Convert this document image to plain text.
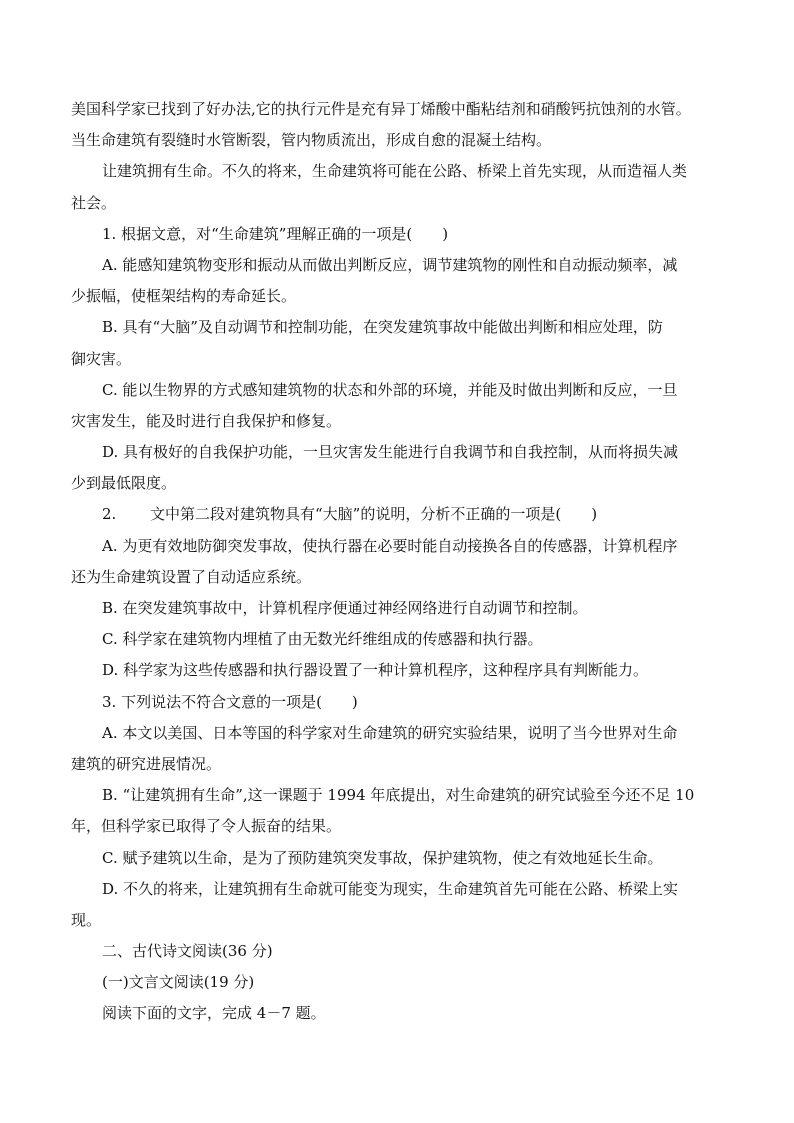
美国科学家已找到了好办法,它的执行元件是充有异丁烯酸中酯粘结剂和硝酸钙抗蚀剂的水管。
当生命建筑有裂缝时水管断裂，管内物质流出，形成自愈的混凝土结构。
让建筑拥有生命。不久的将来，生命建筑将可能在公路、桥梁上首先实现，从而造福人类
社会。
1. 根据文意，对“生命建筑”理解正确的一项是(　　)
A. 能感知建筑物变形和振动从而做出判断反应，调节建筑物的刚性和自动振动频率，减
少振幅，使框架结构的寿命延长。
B. 具有“大脑”及自动调节和控制功能，在突发建筑事故中能做出判断和相应处理，防
御灾害。
C. 能以生物界的方式感知建筑物的状态和外部的环境，并能及时做出判断和反应，一旦
灾害发生，能及时进行自我保护和修复。
D. 具有极好的自我保护功能，一旦灾害发生能进行自我调节和自我控制，从而将损失减
少到最低限度。
2. 文中第二段对建筑物具有“大脑”的说明，分析不正确的一项是(　　)
A. 为更有效地防御突发事故，使执行器在必要时能自动接换各自的传感器，计算机程序
还为生命建筑设置了自动适应系统。
B. 在突发建筑事故中，计算机程序便通过神经网络进行自动调节和控制。
C. 科学家在建筑物内埋植了由无数光纤维组成的传感器和执行器。
D. 科学家为这些传感器和执行器设置了一种计算机程序，这种程序具有判断能力。
3. 下列说法不符合文意的一项是(　　)
A. 本文以美国、日本等国的科学家对生命建筑的研究实验结果，说明了当今世界对生命
建筑的研究进展情况。
B. “让建筑拥有生命”,这一课题于 1994 年底提出，对生命建筑的研究试验至今还不足 10
年，但科学家已取得了令人振奋的结果。
C. 赋予建筑以生命，是为了预防建筑突发事故，保护建筑物，使之有效地延长生命。
D. 不久的将来，让建筑拥有生命就可能变为现实，生命建筑首先可能在公路、桥梁上实
现。
二、古代诗文阅读(36 分)
(一)文言文阅读(19 分)
阅读下面的文字，完成 4－7 题。
